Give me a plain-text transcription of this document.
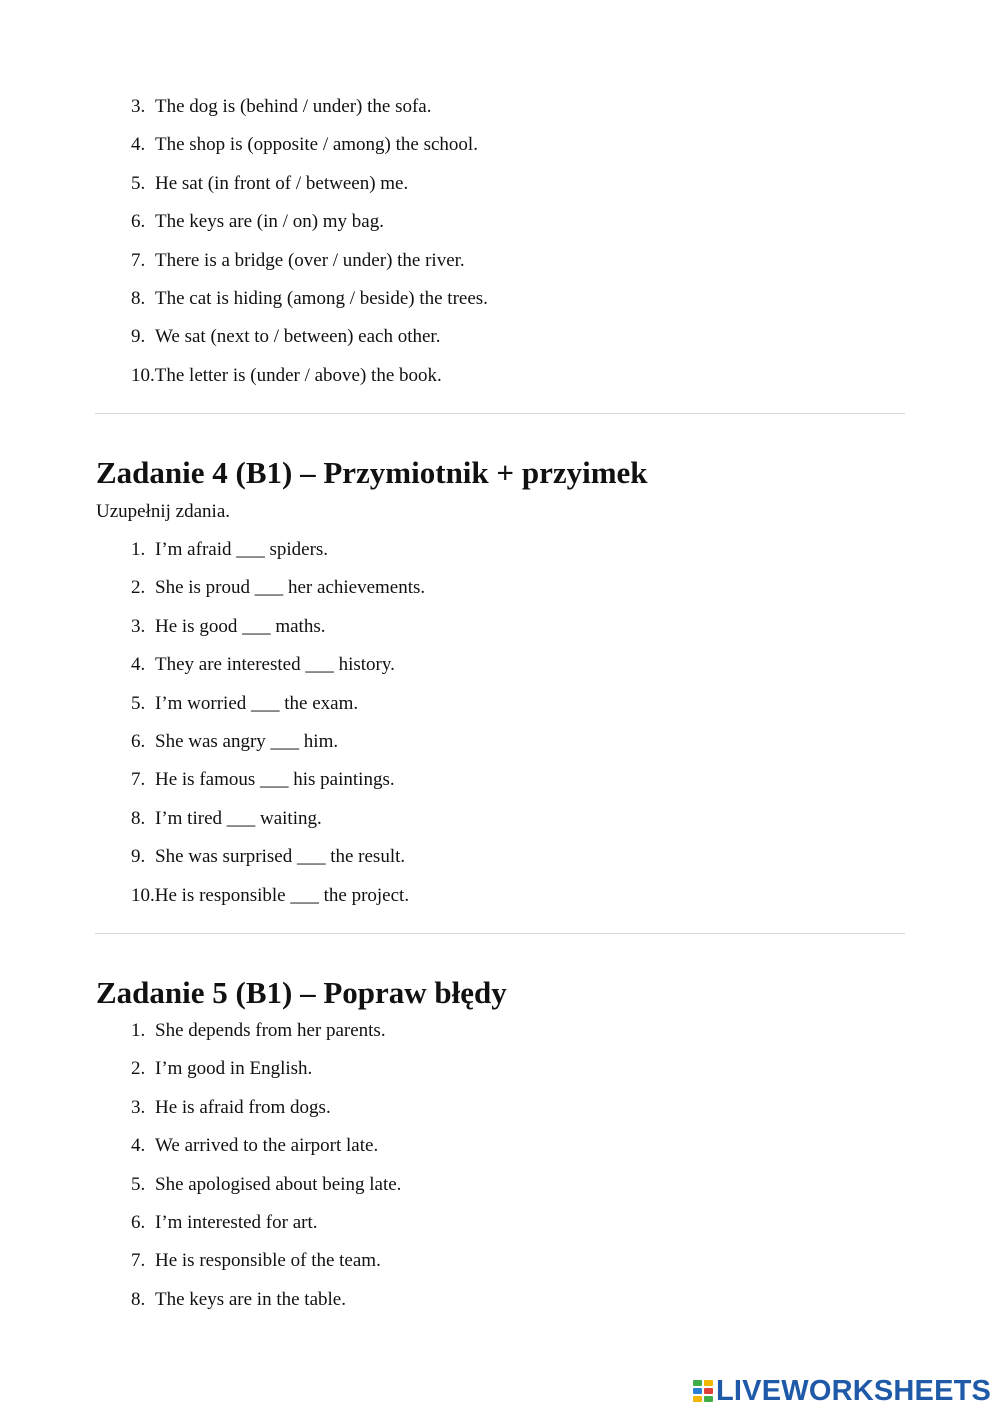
3. The dog is (behind / under) the sofa.
4. The shop is (opposite / among) the school.
5. He sat (in front of / between) me.
6. The keys are (in / on) my bag.
7. There is a bridge (over / under) the river.
8. The cat is hiding (among / beside) the trees.
9. We sat (next to / between) each other.
10. The letter is (under / above) the book.
Zadanie 4 (B1) – Przymiotnik + przyimek

Uzupełnij zdania.

1. I’m afraid ___ spiders.
2. She is proud ___ her achievements.
3. He is good ___ maths.
4. They are interested ___ history.
5. I’m worried ___ the exam.
6. She was angry ___ him.
7. He is famous ___ his paintings.
8. I’m tired ___ waiting.
9. She was surprised ___ the result.
10. He is responsible ___ the project.
Zadanie 5 (B1) – Popraw błędy
1. She depends from her parents.
2. I’m good in English.
3. He is afraid from dogs.
4. We arrived to the airport late.
5. She apologised about being late.
6. I’m interested for art.
7. He is responsible of the team.
8. The keys are in the table.
LIVEWORKSHEETS
